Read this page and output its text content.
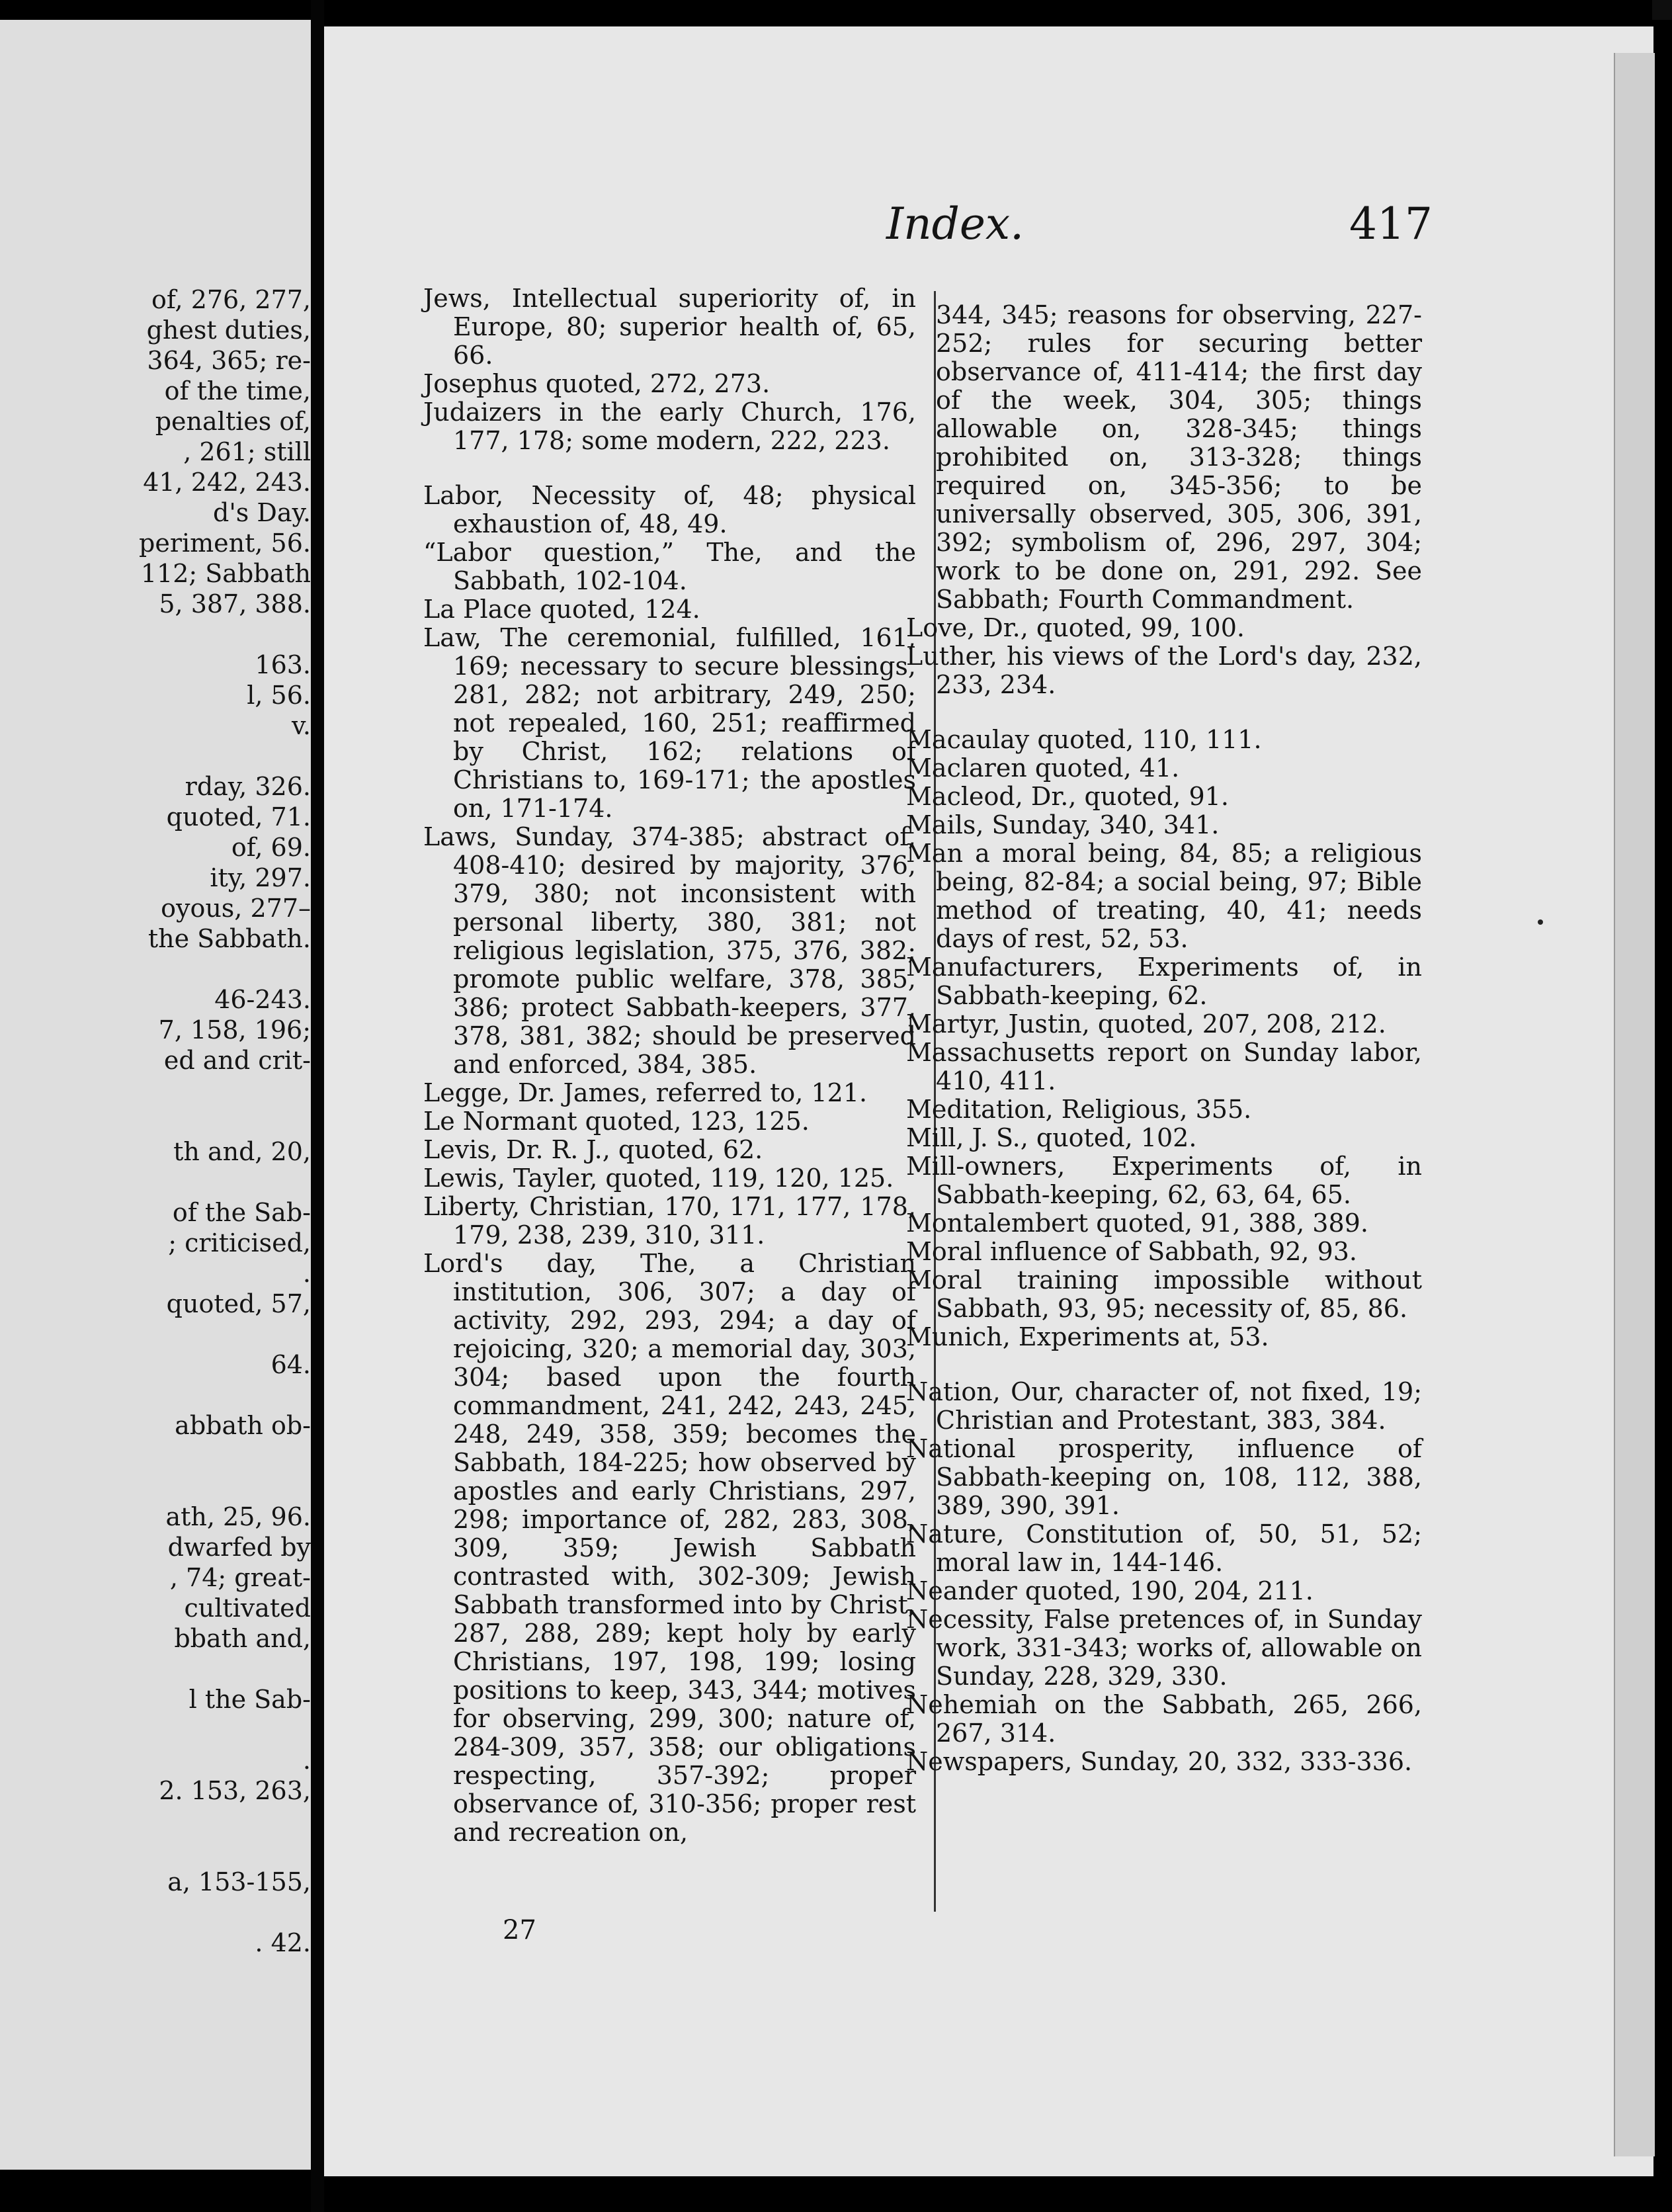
of, 276, 277,
ghest duties,
364, 365; re-
of the time,
penalties of,
, 261; still
41, 242, 243.
d's Day.
periment, 56.
112; Sabbath
5, 387, 388.
163.
l, 56.
v.
rday, 326.
quoted, 71.
of, 69.
ity, 297.
oyous, 277–
the Sabbath.
46-243.
7, 158, 196;
ed and crit-
th and, 20,
of the Sab-
; criticised,
.
quoted, 57,
64.
abbath ob-
ath, 25, 96.
dwarfed by
, 74; great-
cultivated
bbath and,
l the Sab-
.
2. 153, 263,
a, 153-155,
. 42.
Index.	417

Jews, Intellectual superiority of, in Europe, 80; superior health of, 65, 66.

Josephus quoted, 272, 273.

Judaizers in the early Church, 176, 177, 178; some modern, 222, 223.

Labor, Necessity of, 48; physical exhaustion of, 48, 49.

“Labor question,” The, and the Sabbath, 102-104.

La Place quoted, 124.

Law, The ceremonial, fulfilled, 161, 169; necessary to secure blessings, 281, 282; not arbitrary, 249, 250; not repealed, 160, 251; reaffirmed by Christ, 162; relations of Christians to, 169-171; the apostles on, 171-174.

Laws, Sunday, 374-385; abstract of, 408-410; desired by majority, 376, 379, 380; not inconsistent with personal liberty, 380, 381; not religious legislation, 375, 376, 382; promote public welfare, 378, 385, 386; protect Sabbath-keepers, 377, 378, 381, 382; should be preserved and enforced, 384, 385.

Legge, Dr. James, referred to, 121.

Le Normant quoted, 123, 125.

Levis, Dr. R. J., quoted, 62.

Lewis, Tayler, quoted, 119, 120, 125.

Liberty, Christian, 170, 171, 177, 178, 179, 238, 239, 310, 311.

Lord's day, The, a Christian institution, 306, 307; a day of activity, 292, 293, 294; a day of rejoicing, 320; a memorial day, 303, 304; based upon the fourth commandment, 241, 242, 243, 245, 248, 249, 358, 359; becomes the Sabbath, 184-225; how observed by apostles and early Christians, 297, 298; importance of, 282, 283, 308, 309, 359; Jewish Sabbath contrasted with, 302-309; Jewish Sabbath transformed into by Christ, 287, 288, 289; kept holy by early Christians, 197, 198, 199; losing positions to keep, 343, 344; motives for observing, 299, 300; nature of, 284-309, 357, 358; our obligations respecting, 357-392; proper observance of, 310-356; proper rest and recreation on,

344, 345; reasons for observing, 227-252; rules for securing better observance of, 411-414; the first day of the week, 304, 305; things allowable on, 328-345; things prohibited on, 313-328; things required on, 345-356; to be universally observed, 305, 306, 391, 392; symbolism of, 296, 297, 304; work to be done on, 291, 292. See Sabbath; Fourth Commandment.

Love, Dr., quoted, 99, 100.

Luther, his views of the Lord's day, 232, 233, 234.

Macaulay quoted, 110, 111.

Maclaren quoted, 41.

Macleod, Dr., quoted, 91.

Mails, Sunday, 340, 341.

Man a moral being, 84, 85; a religious being, 82-84; a social being, 97; Bible method of treating, 40, 41; needs days of rest, 52, 53.

Manufacturers, Experiments of, in Sabbath-keeping, 62.

Martyr, Justin, quoted, 207, 208, 212.

Massachusetts report on Sunday labor, 410, 411.

Meditation, Religious, 355.

Mill, J. S., quoted, 102.

Mill-owners, Experiments of, in Sabbath-keeping, 62, 63, 64, 65.

Montalembert quoted, 91, 388, 389.

Moral influence of Sabbath, 92, 93.

Moral training impossible without Sabbath, 93, 95; necessity of, 85, 86.

Munich, Experiments at, 53.

Nation, Our, character of, not fixed, 19; Christian and Protestant, 383, 384.

National prosperity, influence of Sabbath-keeping on, 108, 112, 388, 389, 390, 391.

Nature, Constitution of, 50, 51, 52; moral law in, 144-146.

Neander quoted, 190, 204, 211.

Necessity, False pretences of, in Sunday work, 331-343; works of, allowable on Sunday, 228, 329, 330.

Nehemiah on the Sabbath, 265, 266, 267, 314.

Newspapers, Sunday, 20, 332, 333-336.

27
